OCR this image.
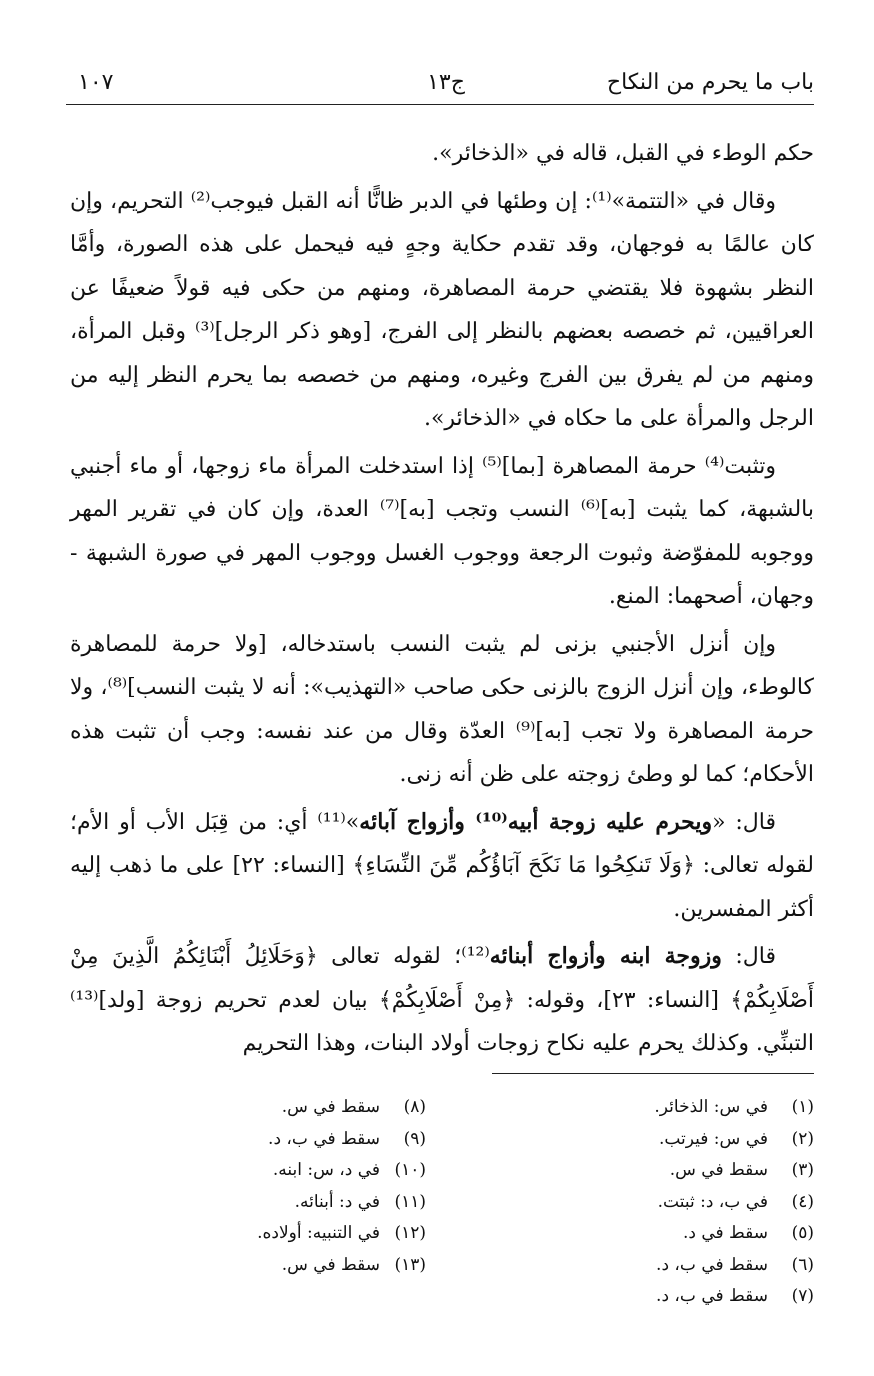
باب ما يحرم من النكاح
ج١٣
١٠٧

حكم الوطء في القبل، قاله في «الذخائر».

وقال في «التتمة»⁽¹⁾: إن وطئها في الدبر ظانًّا أنه القبل فيوجب⁽²⁾ التحريم، وإن كان عالمًا به فوجهان، وقد تقدم حكاية وجهٍ فيه فيحمل على هذه الصورة، وأمَّا النظر بشهوة فلا يقتضي حرمة المصاهرة، ومنهم من حكى فيه قولاً ضعيفًا عن العراقيين، ثم خصصه بعضهم بالنظر إلى الفرج، [وهو ذكر الرجل]⁽³⁾ وقبل المرأة، ومنهم من لم يفرق بين الفرج وغيره، ومنهم من خصصه بما يحرم النظر إليه من الرجل والمرأة على ما حكاه في «الذخائر».

وتثبت⁽⁴⁾ حرمة المصاهرة [بما]⁽⁵⁾ إذا استدخلت المرأة ماء زوجها، أو ماء أجنبي بالشبهة، كما يثبت [به]⁽⁶⁾ النسب وتجب [به]⁽⁷⁾ العدة، وإن كان في تقرير المهر ووجوبه للمفوّضة وثبوت الرجعة ووجوب الغسل ووجوب المهر في صورة الشبهة - وجهان، أصحهما: المنع.

وإن أنزل الأجنبي بزنى لم يثبت النسب باستدخاله، [ولا حرمة للمصاهرة كالوطء، وإن أنزل الزوج بالزنى حكى صاحب «التهذيب»: أنه لا يثبت النسب]⁽⁸⁾، ولا حرمة المصاهرة ولا تجب [به]⁽⁹⁾ العدّة وقال من عند نفسه: وجب أن تثبت هذه الأحكام؛ كما لو وطئ زوجته على ظن أنه زنى.

قال: «ويحرم عليه زوجة أبيه⁽¹⁰⁾ وأزواج آبائه»⁽¹¹⁾ أي: من قِبَل الأب أو الأم؛ لقوله تعالى: ﴿وَلَا تَنكِحُوا مَا نَكَحَ آبَاؤُكُم مِّنَ النِّسَاءِ﴾ [النساء: ٢٢] على ما ذهب إليه أكثر المفسرين.

قال: وزوجة ابنه وأزواج أبنائه⁽¹²⁾؛ لقوله تعالى ﴿وَحَلَائِلُ أَبْنَائِكُمُ الَّذِينَ مِنْ أَصْلَابِكُمْ﴾ [النساء: ٢٣]، وقوله: ﴿مِنْ أَصْلَابِكُمْ﴾ بيان لعدم تحريم زوجة [ولد]⁽¹³⁾ التبنِّي. وكذلك يحرم عليه نكاح زوجات أولاد البنات، وهذا التحريم

(١)في س: الذخائر.
(٢)في س: فيرتب.
(٣)سقط في س.
(٤)في ب، د: ثبتت.
(٥)سقط في د.
(٦)سقط في ب، د.
(٧)سقط في ب، د.
(٨)سقط في س.
(٩)سقط في ب، د.
(١٠)في د، س: ابنه.
(١١)في د: أبنائه.
(١٢)في التنبيه: أولاده.
(١٣)سقط في س.
